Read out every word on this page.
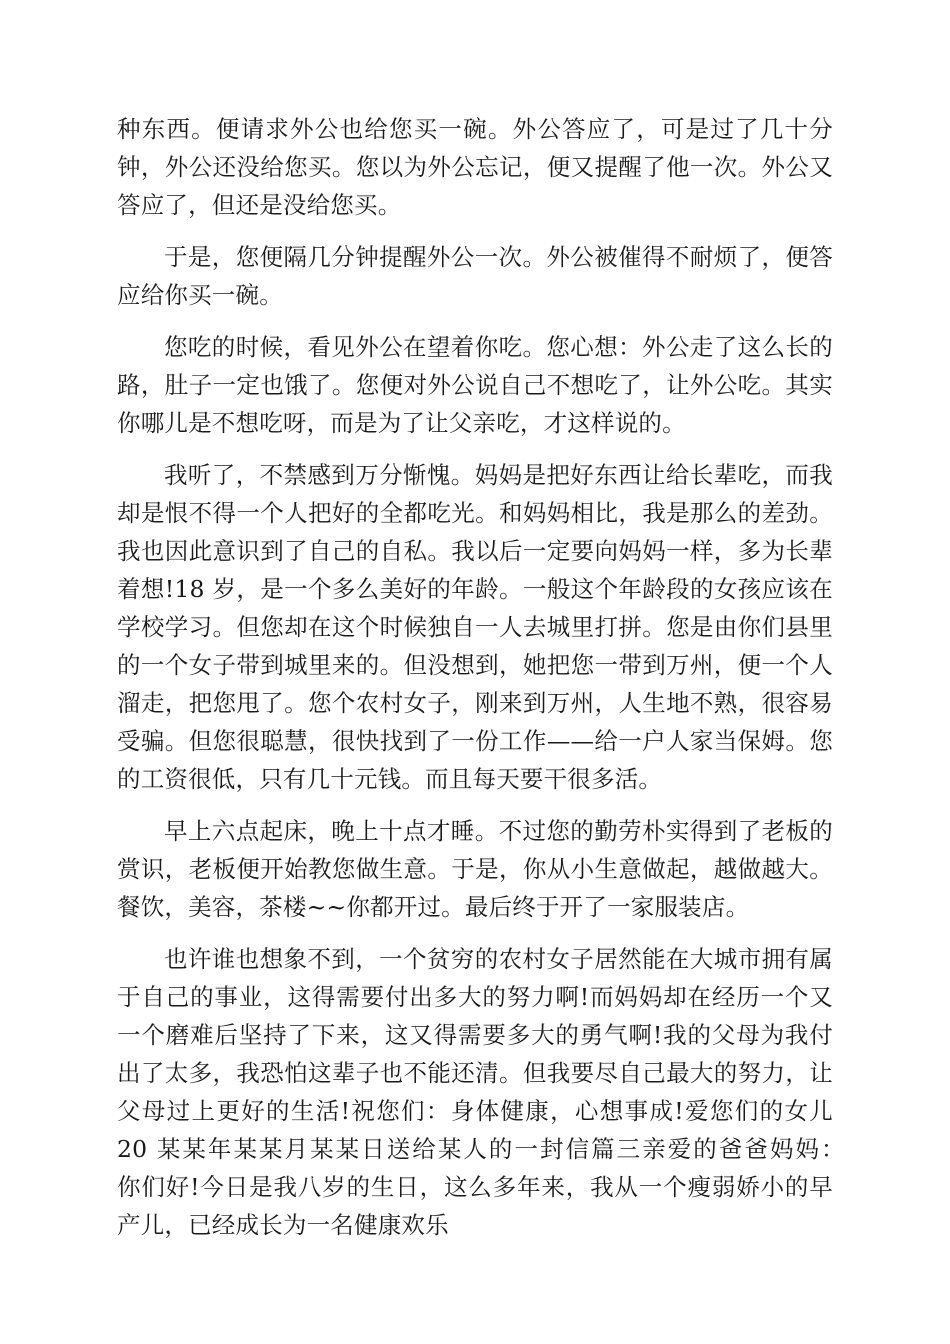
种东西。便请求外公也给您买一碗。外公答应了，可是过了几十分钟，外公还没给您买。您以为外公忘记，便又提醒了他一次。外公又答应了，但还是没给您买。

于是，您便隔几分钟提醒外公一次。外公被催得不耐烦了，便答应给你买一碗。

您吃的时候，看见外公在望着你吃。您心想：外公走了这么长的路，肚子一定也饿了。您便对外公说自己不想吃了，让外公吃。其实你哪儿是不想吃呀，而是为了让父亲吃，才这样说的。

我听了，不禁感到万分惭愧。妈妈是把好东西让给长辈吃，而我却是恨不得一个人把好的全都吃光。和妈妈相比，我是那么的差劲。我也因此意识到了自己的自私。我以后一定要向妈妈一样，多为长辈着想!18 岁，是一个多么美好的年龄。一般这个年龄段的女孩应该在学校学习。但您却在这个时候独自一人去城里打拼。您是由你们县里的一个女子带到城里来的。但没想到，她把您一带到万州，便一个人溜走，把您甩了。您个农村女子，刚来到万州，人生地不熟，很容易受骗。但您很聪慧，很快找到了一份工作——给一户人家当保姆。您的工资很低，只有几十元钱。而且每天要干很多活。

早上六点起床，晚上十点才睡。不过您的勤劳朴实得到了老板的赏识，老板便开始教您做生意。于是，你从小生意做起，越做越大。餐饮，美容，茶楼~~你都开过。最后终于开了一家服装店。

也许谁也想象不到，一个贫穷的农村女子居然能在大城市拥有属于自己的事业，这得需要付出多大的努力啊!而妈妈却在经历一个又一个磨难后坚持了下来，这又得需要多大的勇气啊!我的父母为我付出了太多，我恐怕这辈子也不能还清。但我要尽自己最大的努力，让父母过上更好的生活!祝您们：身体健康，心想事成!爱您们的女儿 20 某某年某某月某某日送给某人的一封信篇三亲爱的爸爸妈妈：　 你们好!今日是我八岁的生日，这么多年来，我从一个瘦弱娇小的早产儿，已经成长为一名健康欢乐
